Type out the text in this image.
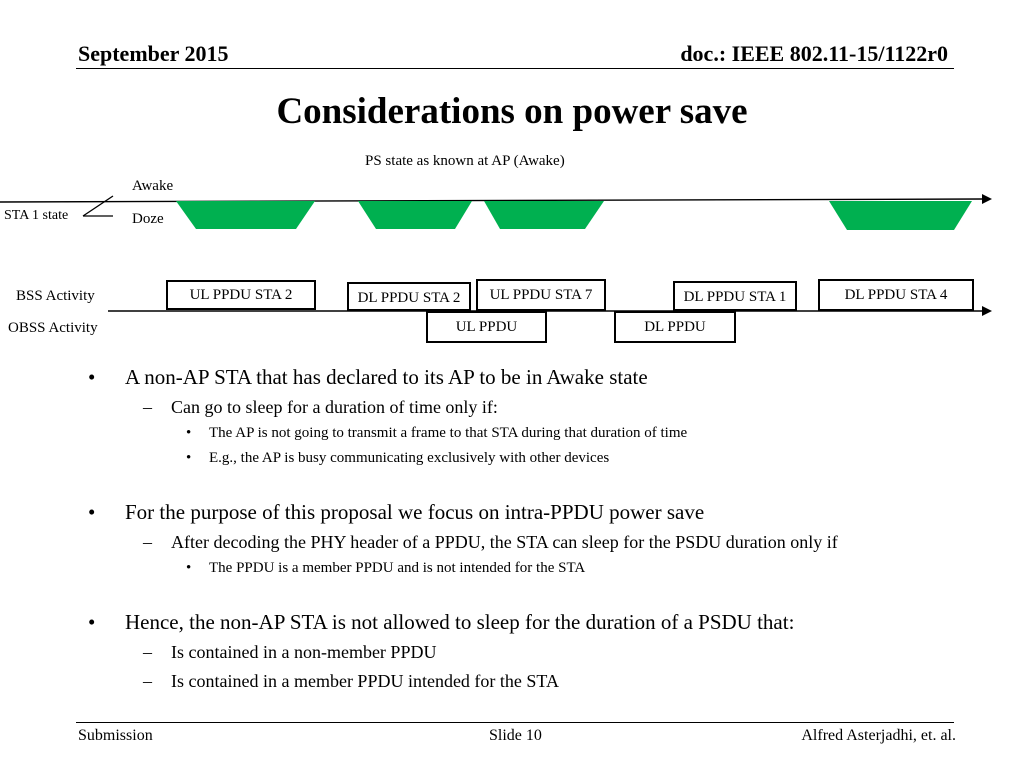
September 2015	doc.: IEEE 802.11-15/1122r0
Considerations on power save
PS state as known at AP (Awake)
Awake
Doze
STA 1 state
BSS Activity
OBSS Activity
UL PPDU STA 2	DL PPDU STA 2	UL PPDU STA 7	DL PPDU STA 1	DL PPDU STA 4
UL PPDU	DL PPDU
• A non-AP STA that has declared to its AP to be in Awake state
– Can go to sleep for a duration of time only if:
• The AP is not going to transmit a frame to that STA during that duration of time
• E.g., the AP is busy communicating exclusively with other devices
• For the purpose of this proposal we focus on intra-PPDU power save
– After decoding the PHY header of a PPDU, the STA can sleep for the PSDU duration only if
• The PPDU is a member PPDU and is not intended for the STA
• Hence, the non-AP STA is not allowed to sleep for the duration of a PSDU that:
– Is contained in a non-member PPDU
– Is contained in a member PPDU intended for the STA
Submission	Slide 10	Alfred Asterjadhi, et. al.
